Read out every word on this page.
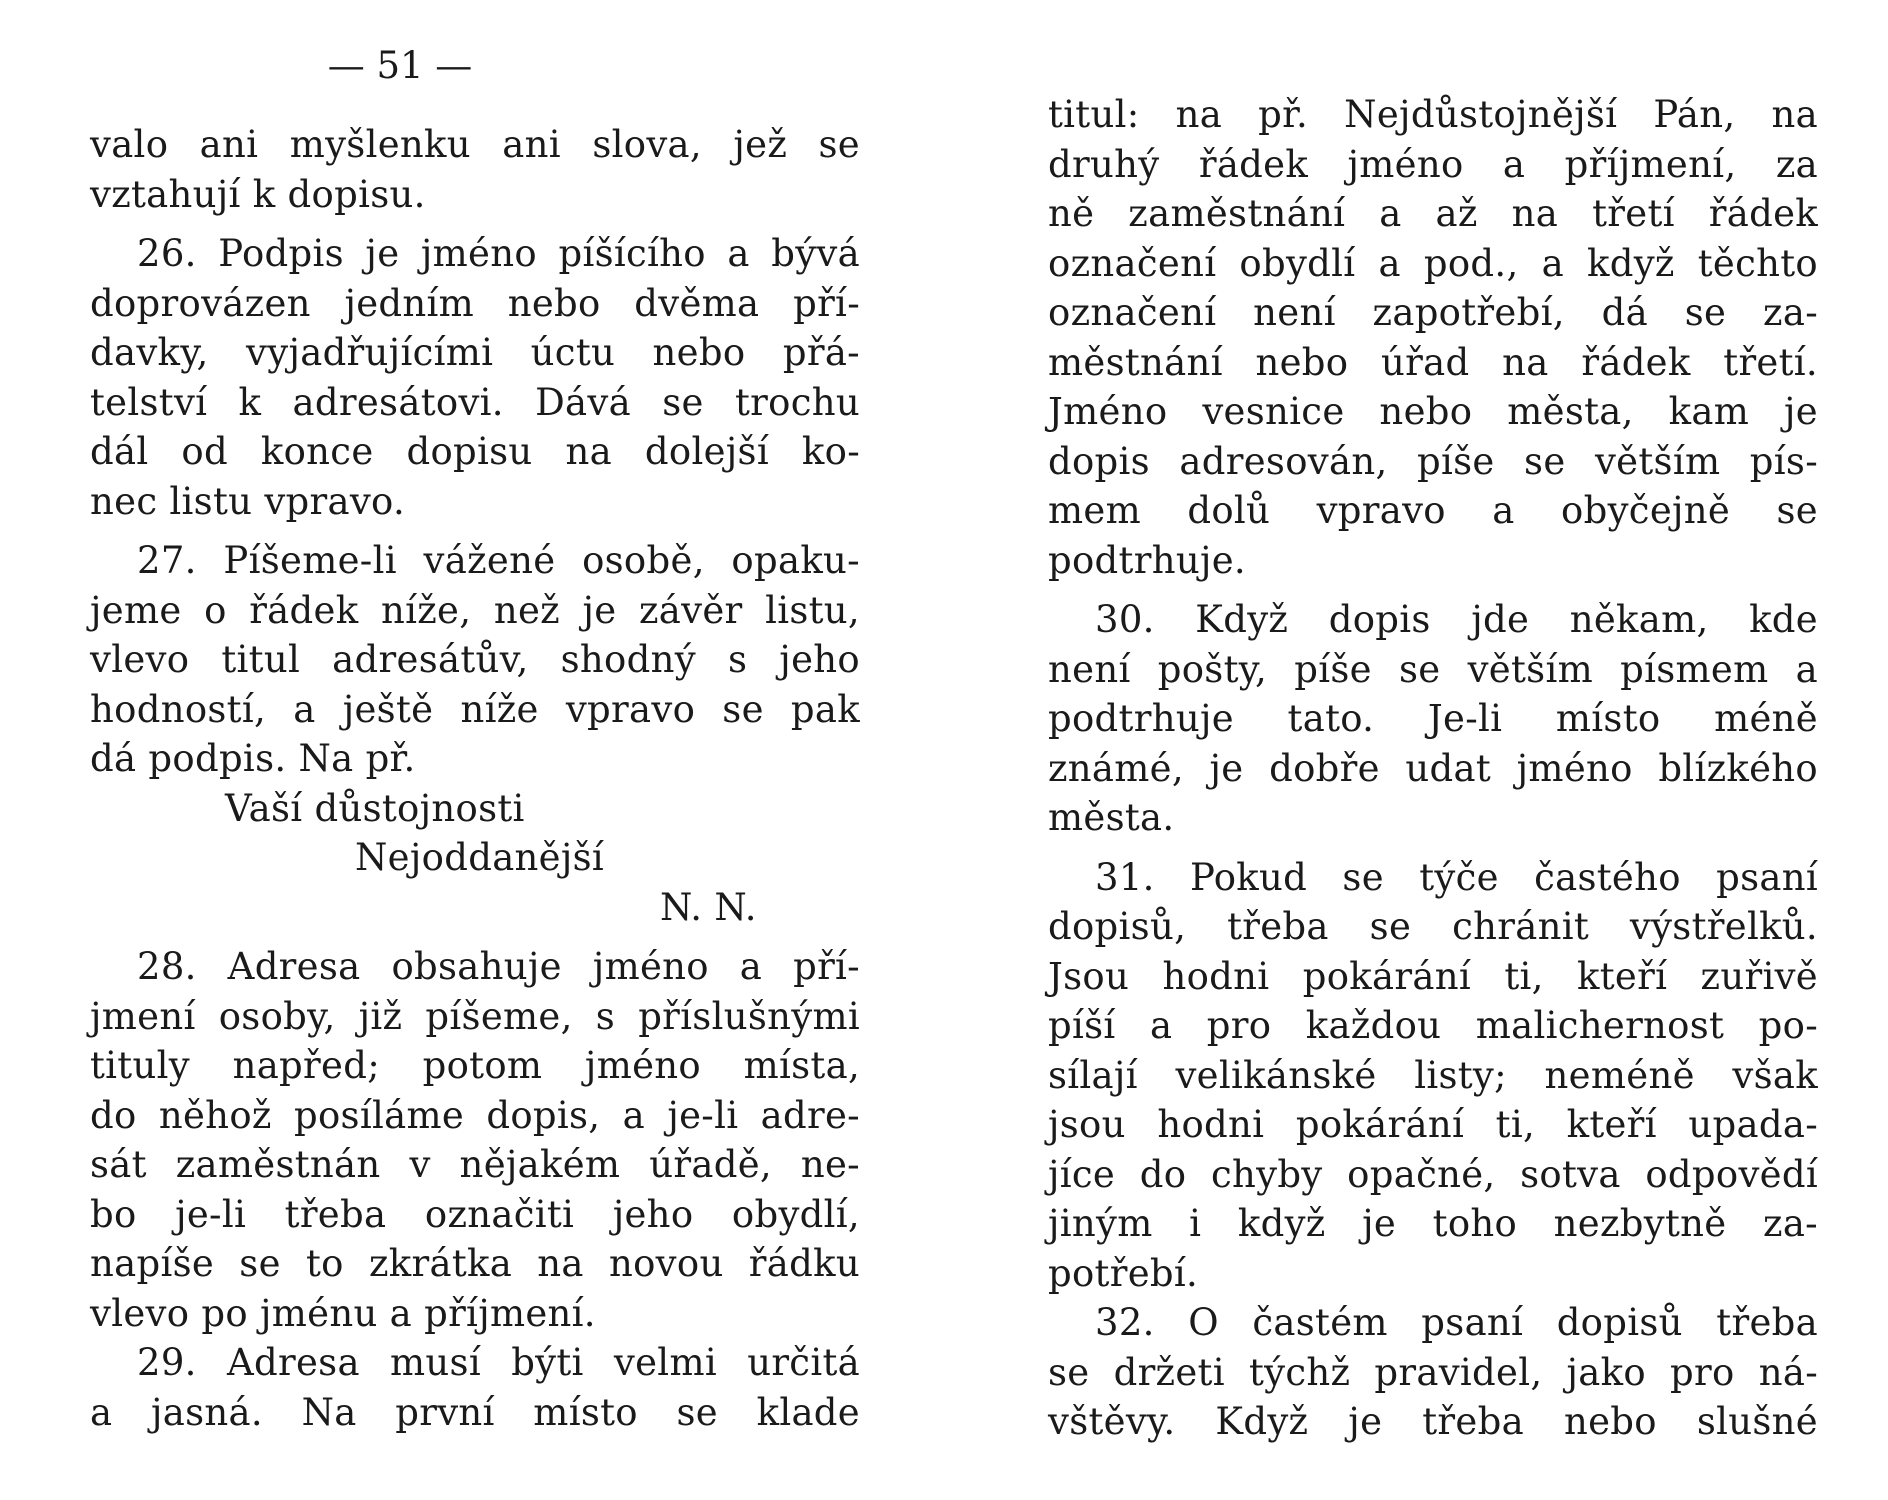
— 51 —
valo ani myšlenku ani slova, jež se
vztahují k dopisu.
26. Podpis je jméno píšícího a bývá
doprovázen jedním nebo dvěma pří-
davky, vyjadřujícími úctu nebo přá-
telství k adresátovi. Dává se trochu
dál od konce dopisu na dolejší ko-
nec listu vpravo.
27. Píšeme-li vážené osobě, opaku-
jeme o řádek níže, než je závěr listu,
vlevo titul adresátův, shodný s jeho
hodností, a ještě níže vpravo se pak
dá podpis. Na př.
Vaší důstojnosti
Nejoddanější
N. N.
28. Adresa obsahuje jméno a pří-
jmení osoby, již píšeme, s příslušnými
tituly napřed; potom jméno místa,
do něhož posíláme dopis, a je-li adre-
sát zaměstnán v nějakém úřadě, ne-
bo je-li třeba označiti jeho obydlí,
napíše se to zkrátka na novou řádku
vlevo po jménu a příjmení.
29. Adresa musí býti velmi určitá
a jasná. Na první místo se klade
titul: na př. Nejdůstojnější Pán, na
druhý řádek jméno a příjmení, za
ně zaměstnání a až na třetí řádek
označení obydlí a pod., a když těchto
označení není zapotřebí, dá se za-
městnání nebo úřad na řádek třetí.
Jméno vesnice nebo města, kam je
dopis adresován, píše se větším pís-
mem dolů vpravo a obyčejně se
podtrhuje.
30. Když dopis jde někam, kde
není pošty, píše se větším písmem a
podtrhuje tato. Je-li místo méně
známé, je dobře udat jméno blízkého
města.
31. Pokud se týče častého psaní
dopisů, třeba se chránit výstřelků.
Jsou hodni pokárání ti, kteří zuřivě
píší a pro každou malichernost po-
sílají velikánské listy; neméně však
jsou hodni pokárání ti, kteří upada-
jíce do chyby opačné, sotva odpovědí
jiným i když je toho nezbytně za-
potřebí.
32. O častém psaní dopisů třeba
se držeti týchž pravidel, jako pro ná-
vštěvy. Když je třeba nebo slušné
